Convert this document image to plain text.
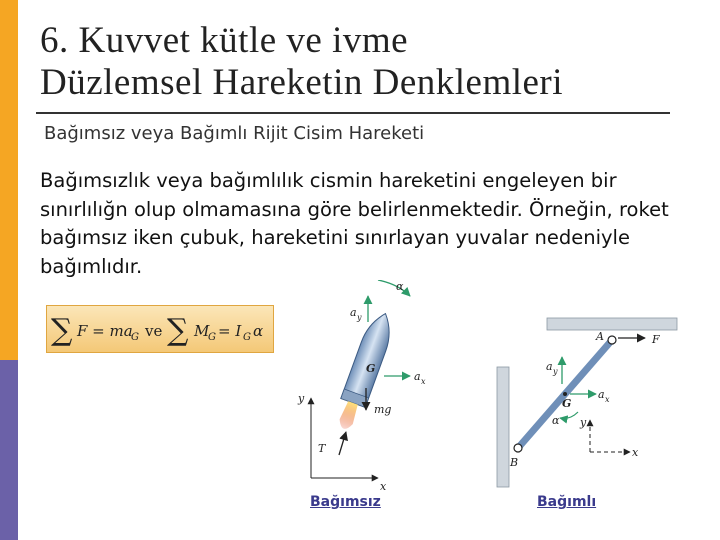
6. Kuvvet kütle ve ivme
Düzlemsel Hareketin Denklemleri
Bağımsız veya Bağımlı Rijit Cisim Hareketi
Bağımsızlık veya bağımlılık cismin hareketini engeleyen bir sınırlılığn olup olmamasına göre belirlenmektedir. Örneğin, roket bağımsız iken çubuk, hareketini sınırlayan yuvalar nedeniyle bağımlıdır.
∑ F = ma
G ve ∑ M
G = I G α
α
a y
a x
G
mg
T
y
x
A	F
a y
G
a x
α
B
y
x
Bağımsız	Bağımlı
